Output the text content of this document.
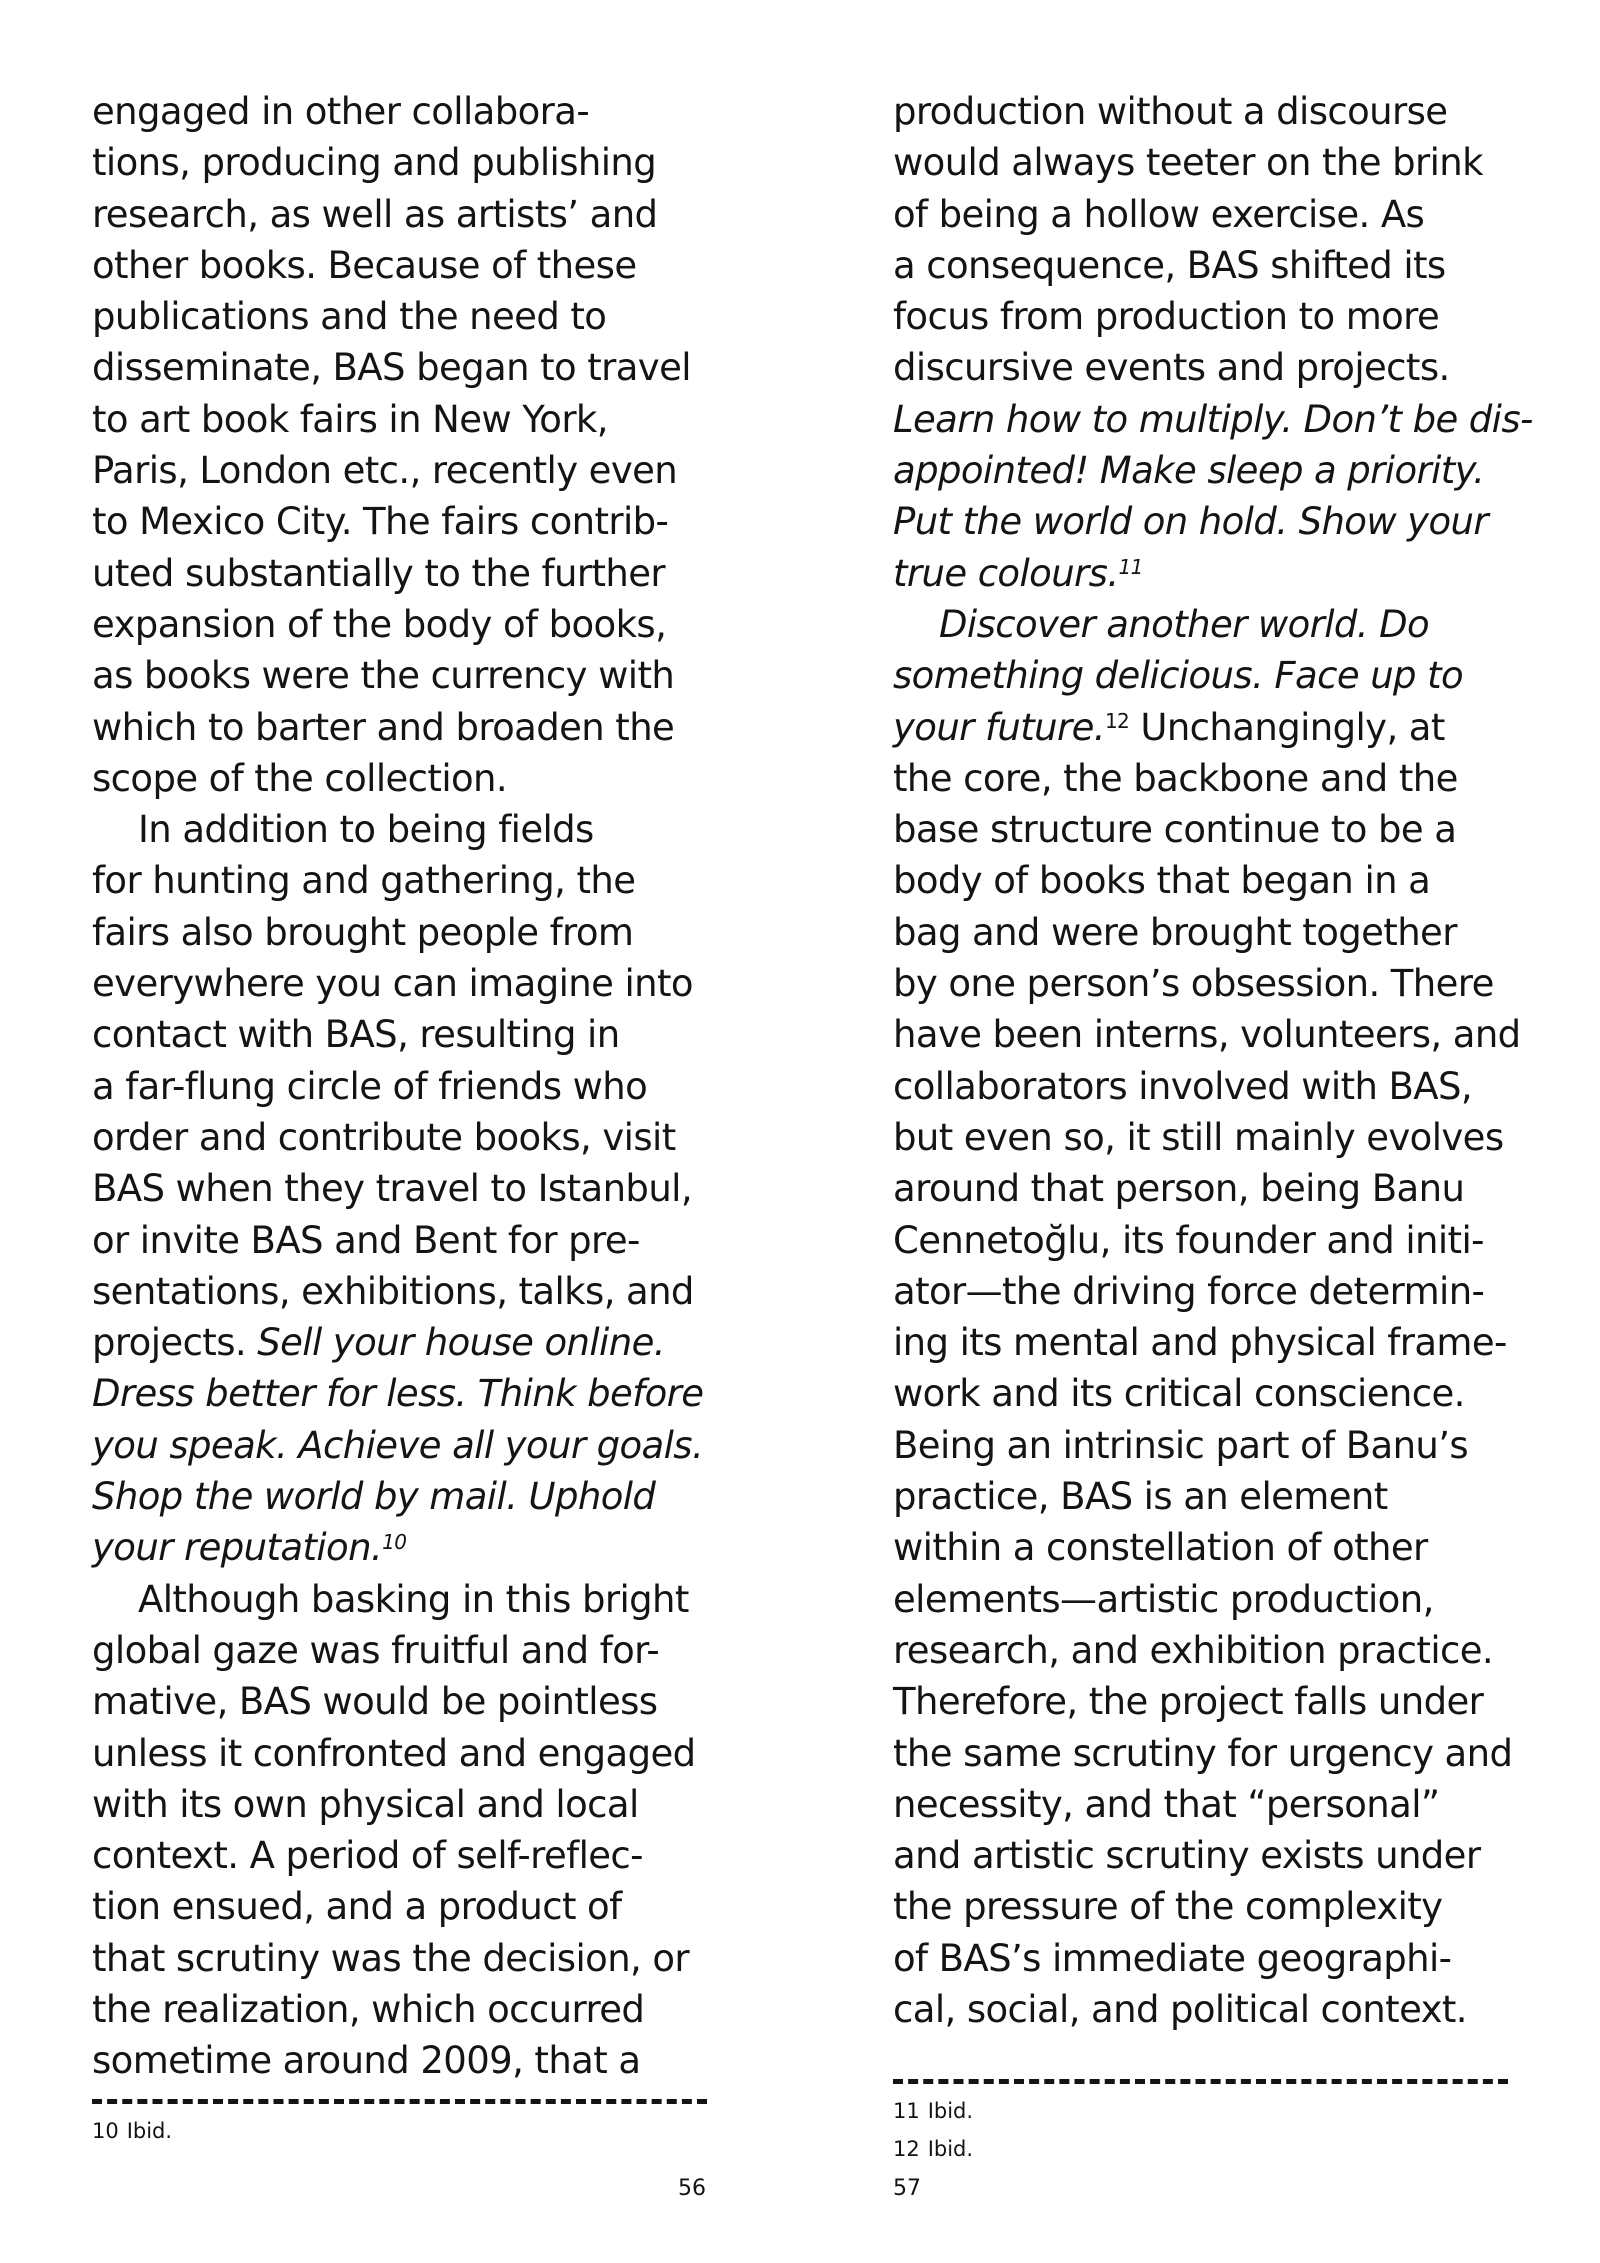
engaged in other collabora-
tions, producing and publishing
research, as well as artists’ and
other books. Because of these
publications and the need to
disseminate, BAS began to travel
to art book fairs in New York,
Paris, London etc., recently even
to Mexico City. The fairs contrib-
uted substantially to the further
expansion of the body of books,
as books were the currency with
which to barter and broaden the
scope of the collection.
In addition to being fields
for hunting and gathering, the
fairs also brought people from
everywhere you can imagine into
contact with BAS, resulting in
a far-flung circle of friends who
order and contribute books, visit
BAS when they travel to Istanbul,
or invite BAS and Bent for pre-
sentations, exhibitions, talks, and
projects. Sell your house online.
Dress better for less. Think before
you speak. Achieve all your goals.
Shop the world by mail. Uphold
your reputation.$^{10}$
Although basking in this bright
global gaze was fruitful and for-
mative, BAS would be pointless
unless it confronted and engaged
with its own physical and local
context. A period of self-reflec-
tion ensued, and a product of
that scrutiny was the decision, or
the realization, which occurred
sometime around 2009, that a
10 Ibid.
56
production without a discourse
would always teeter on the brink
of being a hollow exercise. As
a consequence, BAS shifted its
focus from production to more
discursive events and projects.
Learn how to multiply. Don’t be dis-
appointed! Make sleep a priority.
Put the world on hold. Show your
true colours.$^{11}$
Discover another world. Do
something delicious. Face up to
your future.$^{12}$ Unchangingly, at
the core, the backbone and the
base structure continue to be a
body of books that began in a
bag and were brought together
by one person’s obsession. There
have been interns, volunteers, and
collaborators involved with BAS,
but even so, it still mainly evolves
around that person, being Banu
Cennetoğlu, its founder and initi-
ator—the driving force determin-
ing its mental and physical frame-
work and its critical conscience.
Being an intrinsic part of Banu’s
practice, BAS is an element
within a constellation of other
elements—artistic production,
research, and exhibition practice.
Therefore, the project falls under
the same scrutiny for urgency and
necessity, and that “personal”
and artistic scrutiny exists under
the pressure of the complexity
of BAS’s immediate geographi-
cal, social, and political context.
11 Ibid.
12 Ibid.
57
